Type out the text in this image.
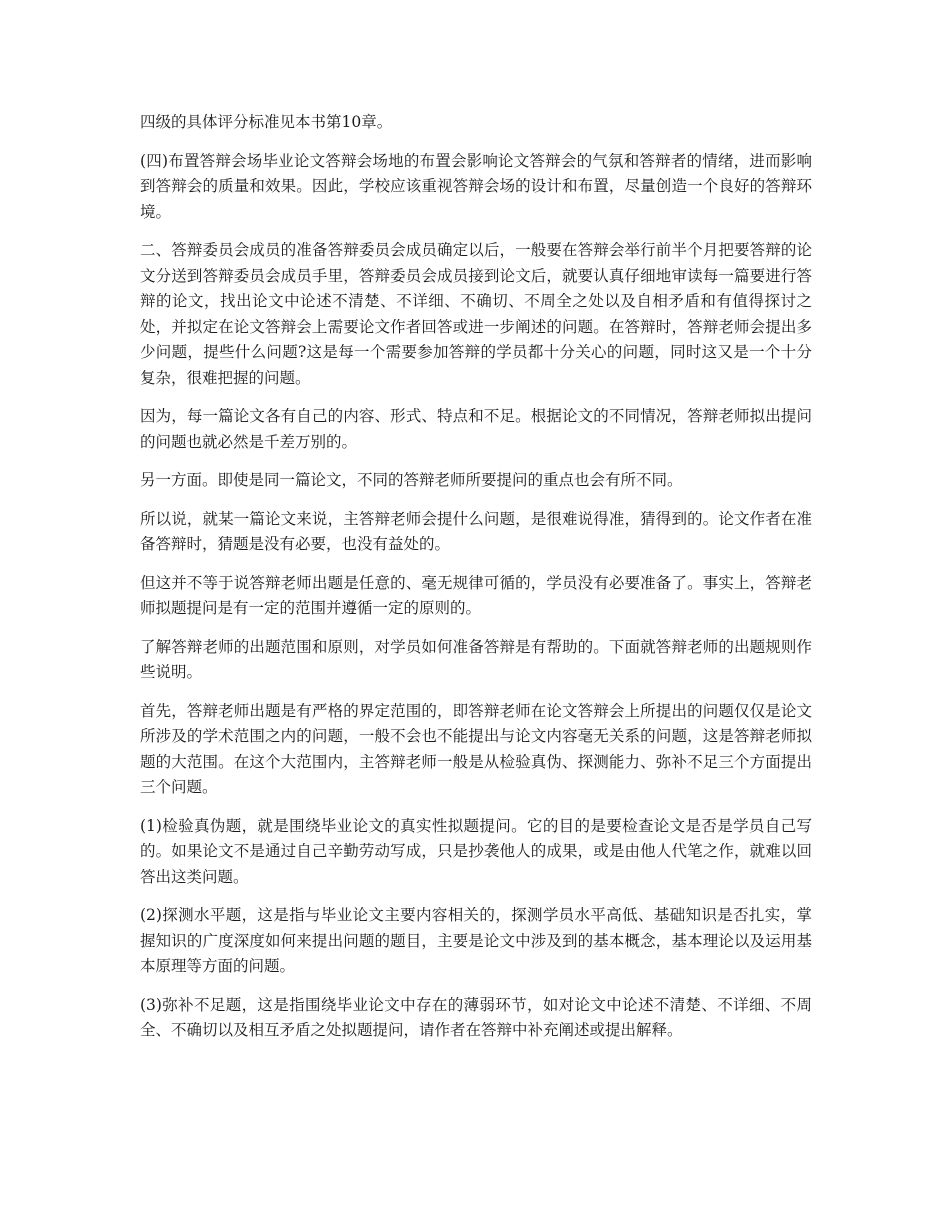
四级的具体评分标准见本书第10章。

(四)布置答辩会场毕业论文答辩会场地的布置会影响论文答辩会的气氛和答辩者的情绪，进而影响到答辩会的质量和效果。因此，学校应该重视答辩会场的设计和布置，尽量创造一个良好的答辩环境。

二、答辩委员会成员的准备答辩委员会成员确定以后，一般要在答辩会举行前半个月把要答辩的论文分送到答辩委员会成员手里，答辩委员会成员接到论文后，就要认真仔细地审读每一篇要进行答辩的论文，找出论文中论述不清楚、不详细、不确切、不周全之处以及自相矛盾和有值得探讨之处，并拟定在论文答辩会上需要论文作者回答或进一步阐述的问题。在答辩时，答辩老师会提出多少问题，提些什么问题?这是每一个需要参加答辩的学员都十分关心的问题，同时这又是一个十分复杂，很难把握的问题。

因为，每一篇论文各有自己的内容、形式、特点和不足。根据论文的不同情况，答辩老师拟出提问的问题也就必然是千差万别的。

另一方面。即使是同一篇论文，不同的答辩老师所要提问的重点也会有所不同。

所以说，就某一篇论文来说，主答辩老师会提什么问题，是很难说得准，猜得到的。论文作者在准备答辩时，猜题是没有必要，也没有益处的。

但这并不等于说答辩老师出题是任意的、毫无规律可循的，学员没有必要准备了。事实上，答辩老师拟题提问是有一定的范围并遵循一定的原则的。

了解答辩老师的出题范围和原则，对学员如何准备答辩是有帮助的。下面就答辩老师的出题规则作些说明。

首先，答辩老师出题是有严格的界定范围的，即答辩老师在论文答辩会上所提出的问题仅仅是论文所涉及的学术范围之内的问题，一般不会也不能提出与论文内容毫无关系的问题，这是答辩老师拟题的大范围。在这个大范围内，主答辩老师一般是从检验真伪、探测能力、弥补不足三个方面提出三个问题。

(1)检验真伪题，就是围绕毕业论文的真实性拟题提问。它的目的是要检查论文是否是学员自己写的。如果论文不是通过自己辛勤劳动写成，只是抄袭他人的成果，或是由他人代笔之作，就难以回答出这类问题。

(2)探测水平题，这是指与毕业论文主要内容相关的，探测学员水平高低、基础知识是否扎实，掌握知识的广度深度如何来提出问题的题目，主要是论文中涉及到的基本概念，基本理论以及运用基本原理等方面的问题。

(3)弥补不足题，这是指围绕毕业论文中存在的薄弱环节，如对论文中论述不清楚、不详细、不周全、不确切以及相互矛盾之处拟题提问，请作者在答辩中补充阐述或提出解释。
